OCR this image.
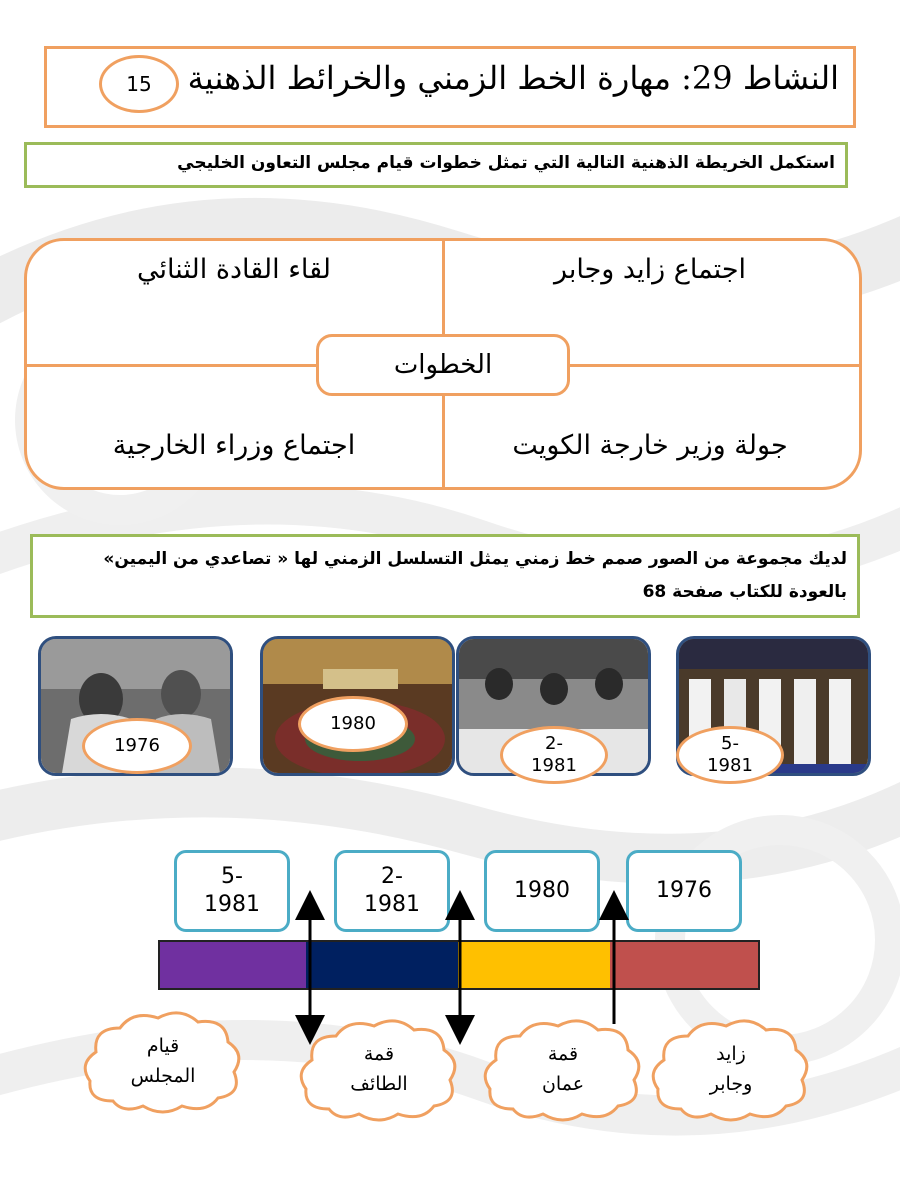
النشاط 29: مهارة الخط الزمني والخرائط الذهنية
15
استكمل الخريطة الذهنية التالية التي تمثل خطوات قيام مجلس التعاون الخليجي
اجتماع زايد وجابر
لقاء القادة الثنائي
جولة وزير خارجة الكويت
اجتماع وزراء الخارجية
الخطوات
لديك مجموعة من الصور صمم خط زمني يمثل التسلسل الزمني لها « تصاعدي من اليمين» بالعودة للكتاب صفحة 68
1976
1980
2-
1981
5-
1981
5-
1981
2-
1981
1980	1976
قيام
المجلس
قمة
الطائف
قمة
عمان
زايد
وجابر
